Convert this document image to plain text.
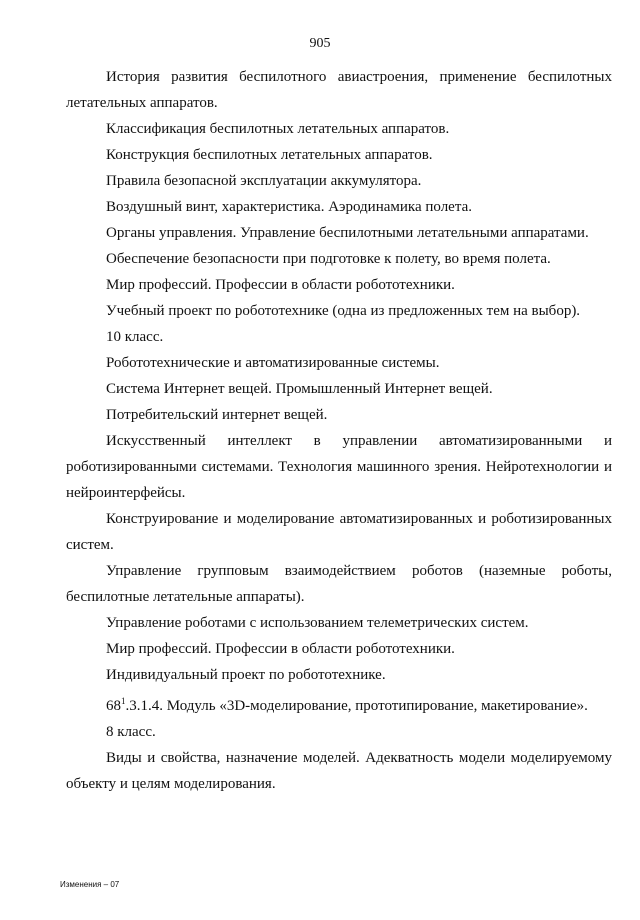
905

История развития беспилотного авиастроения, применение беспилотных летательных аппаратов.

Классификация беспилотных летательных аппаратов.

Конструкция беспилотных летательных аппаратов.

Правила безопасной эксплуатации аккумулятора.

Воздушный винт, характеристика. Аэродинамика полета.

Органы управления. Управление беспилотными летательными аппаратами.

Обеспечение безопасности при подготовке к полету, во время полета.

Мир профессий. Профессии в области робототехники.

Учебный проект по робототехнике (одна из предложенных тем на выбор).

10 класс.

Робототехнические и автоматизированные системы.

Система Интернет вещей. Промышленный Интернет вещей.

Потребительский интернет вещей.

Искусственный интеллект в управлении автоматизированными и роботизированными системами. Технология машинного зрения. Нейротехнологии и нейроинтерфейсы.

Конструирование и моделирование автоматизированных и роботизированных систем.

Управление групповым взаимодействием роботов (наземные роботы, беспилотные летательные аппараты).

Управление роботами с использованием телеметрических систем.

Мир профессий. Профессии в области робототехники.

Индивидуальный проект по робототехнике.

$68^1.3.1.4$. Модуль «3D-моделирование, прототипирование, макетирование».

8 класс.

Виды и свойства, назначение моделей. Адекватность модели моделируемому объекту и целям моделирования.

Изменения – 07
